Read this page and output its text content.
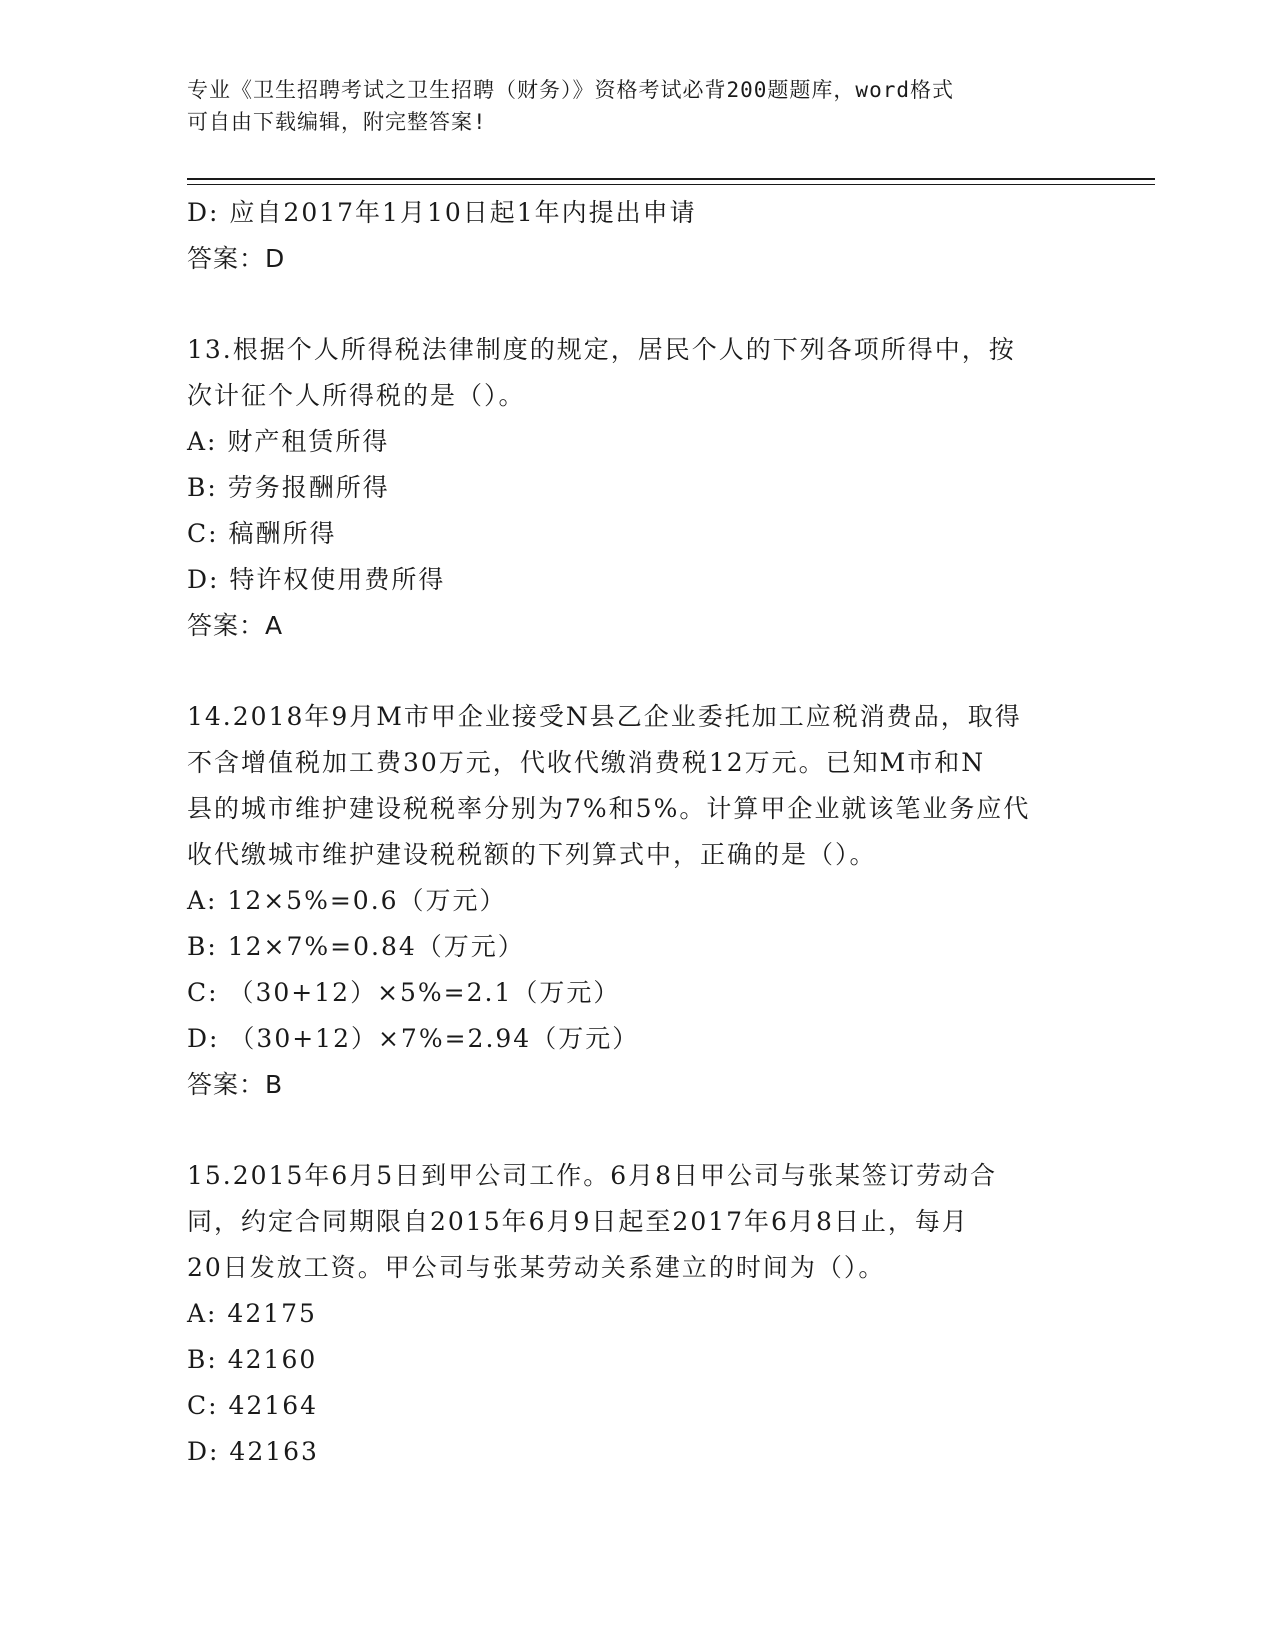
专业《卫生招聘考试之卫生招聘（财务）》资格考试必背200题题库，word格式
可自由下载编辑，附完整答案!
D: 应自2017年1月10日起1年内提出申请
答案：D
13.根据个人所得税法律制度的规定，居民个人的下列各项所得中，按
次计征个人所得税的是（）。
A: 财产租赁所得
B: 劳务报酬所得
C: 稿酬所得
D: 特许权使用费所得
答案：A
14.2018年9月M市甲企业接受N县乙企业委托加工应税消费品，取得
不含增值税加工费30万元，代收代缴消费税12万元。已知M市和N
县的城市维护建设税税率分别为7%和5%。计算甲企业就该笔业务应代
收代缴城市维护建设税税额的下列算式中，正确的是（）。
A: 12×5%=0.6（万元）
B: 12×7%=0.84（万元）
C: （30+12）×5%=2.1（万元）
D: （30+12）×7%=2.94（万元）
答案：B
15.2015年6月5日到甲公司工作。6月8日甲公司与张某签订劳动合
同，约定合同期限自2015年6月9日起至2017年6月8日止，每月
20日发放工资。甲公司与张某劳动关系建立的时间为（）。
A: 42175
B: 42160
C: 42164
D: 42163
